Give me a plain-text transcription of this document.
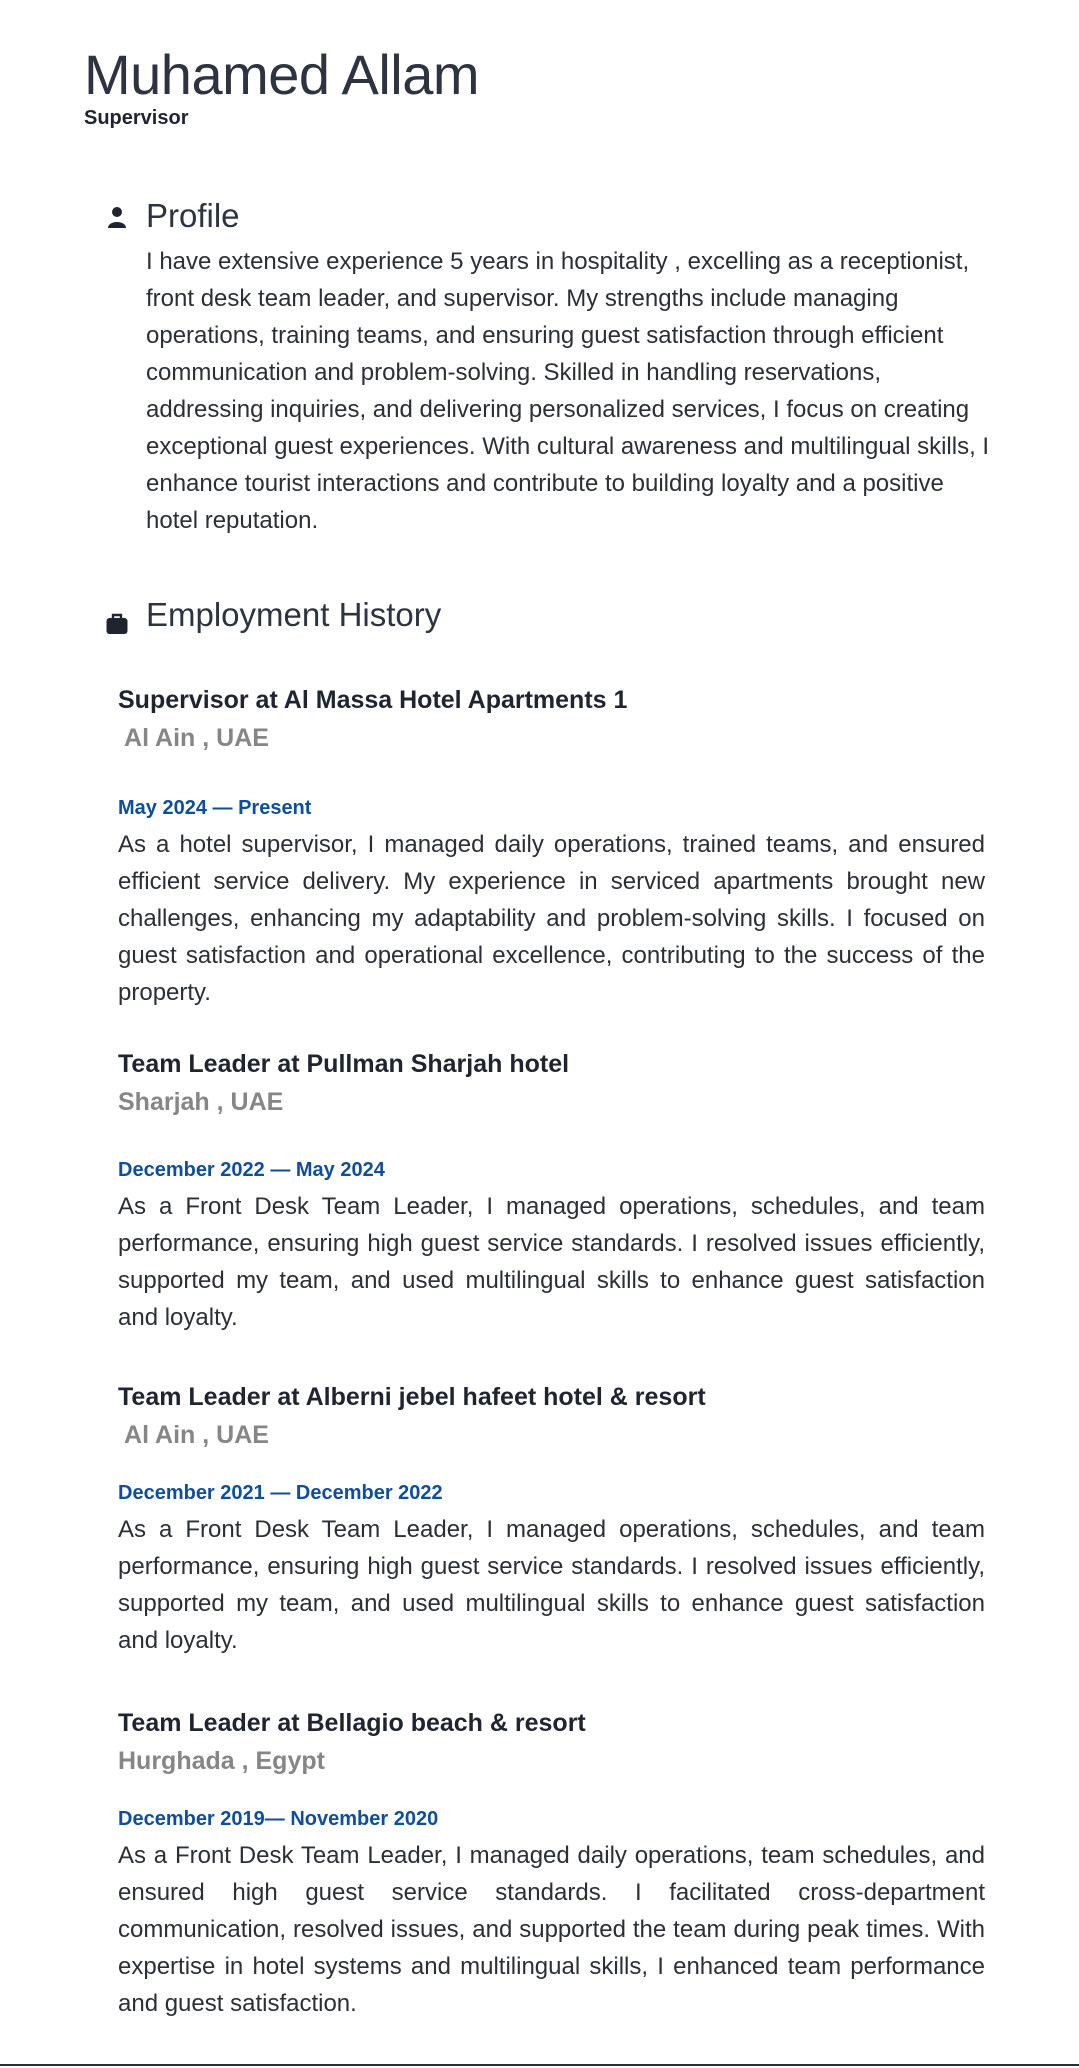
Muhamed Allam
Supervisor
Profile
I have extensive experience 5 years in hospitality , excelling as a receptionist, front desk team leader, and supervisor. My strengths include managing operations, training teams, and ensuring guest satisfaction through efficient communication and problem-solving. Skilled in handling reservations, addressing inquiries, and delivering personalized services, I focus on creating exceptional guest experiences. With cultural awareness and multilingual skills, I enhance tourist interactions and contribute to building loyalty and a positive hotel reputation.
Employment History
Supervisor at Al Massa Hotel Apartments 1
Al Ain , UAE
May 2024 — Present
As a hotel supervisor, I managed daily operations, trained teams, and ensured efficient service delivery. My experience in serviced apartments brought new challenges, enhancing my adaptability and problem-solving skills. I focused on guest satisfaction and operational excellence, contributing to the success of the property.
Team Leader at Pullman Sharjah hotel
Sharjah , UAE
December 2022 — May 2024
As a Front Desk Team Leader, I managed operations, schedules, and team performance, ensuring high guest service standards. I resolved issues efficiently, supported my team, and used multilingual skills to enhance guest satisfaction and loyalty.
Team Leader at Alberni jebel hafeet hotel & resort
Al Ain , UAE
December 2021 — December 2022
As a Front Desk Team Leader, I managed operations, schedules, and team performance, ensuring high guest service standards. I resolved issues efficiently, supported my team, and used multilingual skills to enhance guest satisfaction and loyalty.
Team Leader at Bellagio beach & resort
Hurghada , Egypt
December 2019— November 2020
As a Front Desk Team Leader, I managed daily operations, team schedules, and ensured high guest service standards. I facilitated cross-department communication, resolved issues, and supported the team during peak times. With expertise in hotel systems and multilingual skills, I enhanced team performance and guest satisfaction.
